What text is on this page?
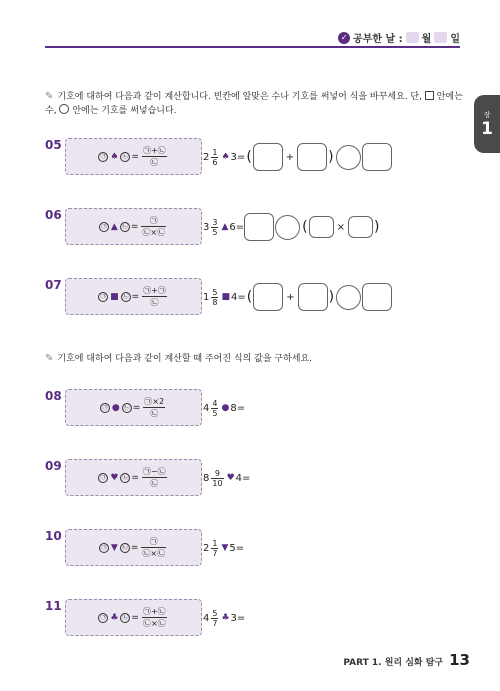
✓ 공부한 날 : 월 일
장
1
✎ 기호에 대하여 다음과 같이 계산합니다. 빈칸에 알맞은 수나 기호를 써넣어 식을 바꾸세요. 단, 안에는
수, 안에는 기호를 써넣습니다.
05
㉠ ♠ ㉡ = $\frac{㉠+㉡}{㉡}$	$2 \frac{1}{6}$ ♠ 3 = (	+ )
06
㉠ ▲ ㉡ = $\frac{㉠}{㉡\times㉡}$	$3 \frac{3}{5}$ ▲ 6 =	(	× )
07
㉠ ■ ㉡ = $\frac{㉠+㉠}{㉡}$	$1 \frac{5}{8}$ ■ 4 = (	+ )
✎ 기호에 대하여 다음과 같이 계산할 때 주어진 식의 값을 구하세요.
08
㉠ ● ㉡ = $\frac{㉠\times 2}{㉡}$	$4 \frac{4}{5}$ ● 8 =
09
㉠ ♥ ㉡ = $\frac{㉠-㉡}{㉡}$	$8 \frac{9}{10}$ ♥ 4 =
10
㉠ ▼ ㉡ = $\frac{㉠}{㉡\times㉡}$	$2 \frac{1}{7}$ ▼ 5 =
11
㉠ ♣ ㉡ = $\frac{㉠+㉡}{㉡\times㉡}$	$4 \frac{5}{7}$ ♣ 3 =
PART 1. 원리 심화 탐구 13
